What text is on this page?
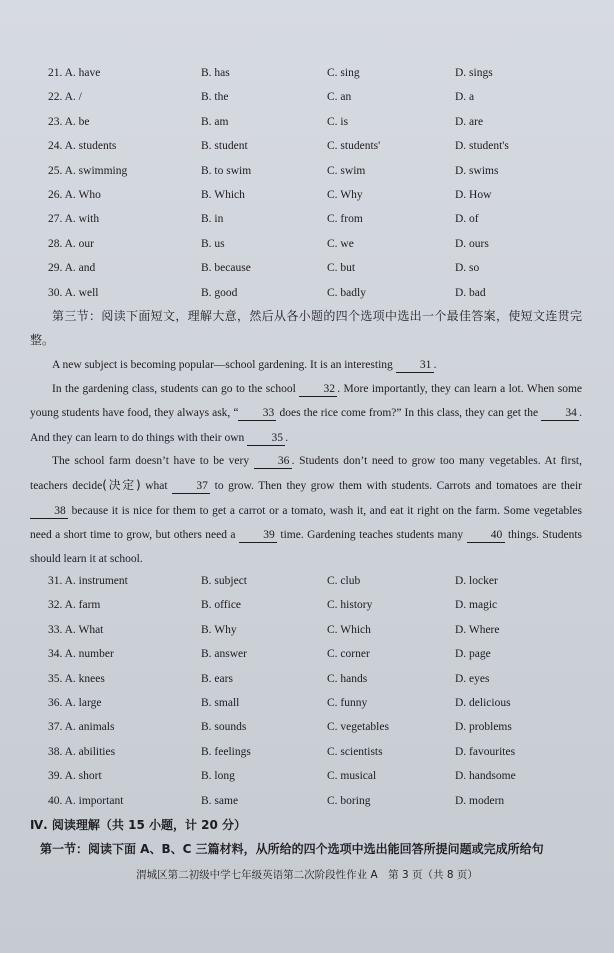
21. A. have	B. has	C. sing	D. sings
22. A. /	B. the	C. an	D. a
23. A. be	B. am	C. is	D. are
24. A. students	B. student	C. students'	D. student's
25. A. swimming	B. to swim	C. swim	D. swims
26. A. Who	B. Which	C. Why	D. How
27. A. with	B. in	C. from	D. of
28. A. our	B. us	C. we	D. ours
29. A. and	B. because	C. but	D. so
30. A. well	B. good	C. badly	D. bad

第三节：阅读下面短文，理解大意，然后从各小题的四个选项中选出一个最佳答案，使短文连贯完整。

A new subject is becoming popular—school gardening. It is an interesting 31 .

In the gardening class, students can go to the school 32 . More importantly, they can learn a lot. When some young students have food, they always ask, “ 33 does the rice come from?” In this class, they can get the 34 . And they can learn to do things with their own 35 .

The school farm doesn’t have to be very 36 . Students don’t need to grow too many vegetables. At first, teachers decide(决定) what 37 to grow. Then they grow them with students. Carrots and tomatoes are their 38 because it is nice for them to get a carrot or a tomato, wash it, and eat it right on the farm. Some vegetables need a short time to grow, but others need a 39 time. Gardening teaches students many 40 things. Students should learn it at school.

31. A. instrument	B. subject	C. club	D. locker
32. A. farm	B. office	C. history	D. magic
33. A. What	B. Why	C. Which	D. Where
34. A. number	B. answer	C. corner	D. page
35. A. knees	B. ears	C. hands	D. eyes
36. A. large	B. small	C. funny	D. delicious
37. A. animals	B. sounds	C. vegetables	D. problems
38. A. abilities	B. feelings	C. scientists	D. favourites
39. A. short	B. long	C. musical	D. handsome
40. A. important	B. same	C. boring	D. modern
Ⅳ. 阅读理解（共 15 小题，计 20 分）
第一节：阅读下面 A、B、C 三篇材料，从所给的四个选项中选出能回答所提问题或完成所给句
渭城区第二初级中学七年级英语第二次阶段性作业 A　第 3 页（共 8 页）
